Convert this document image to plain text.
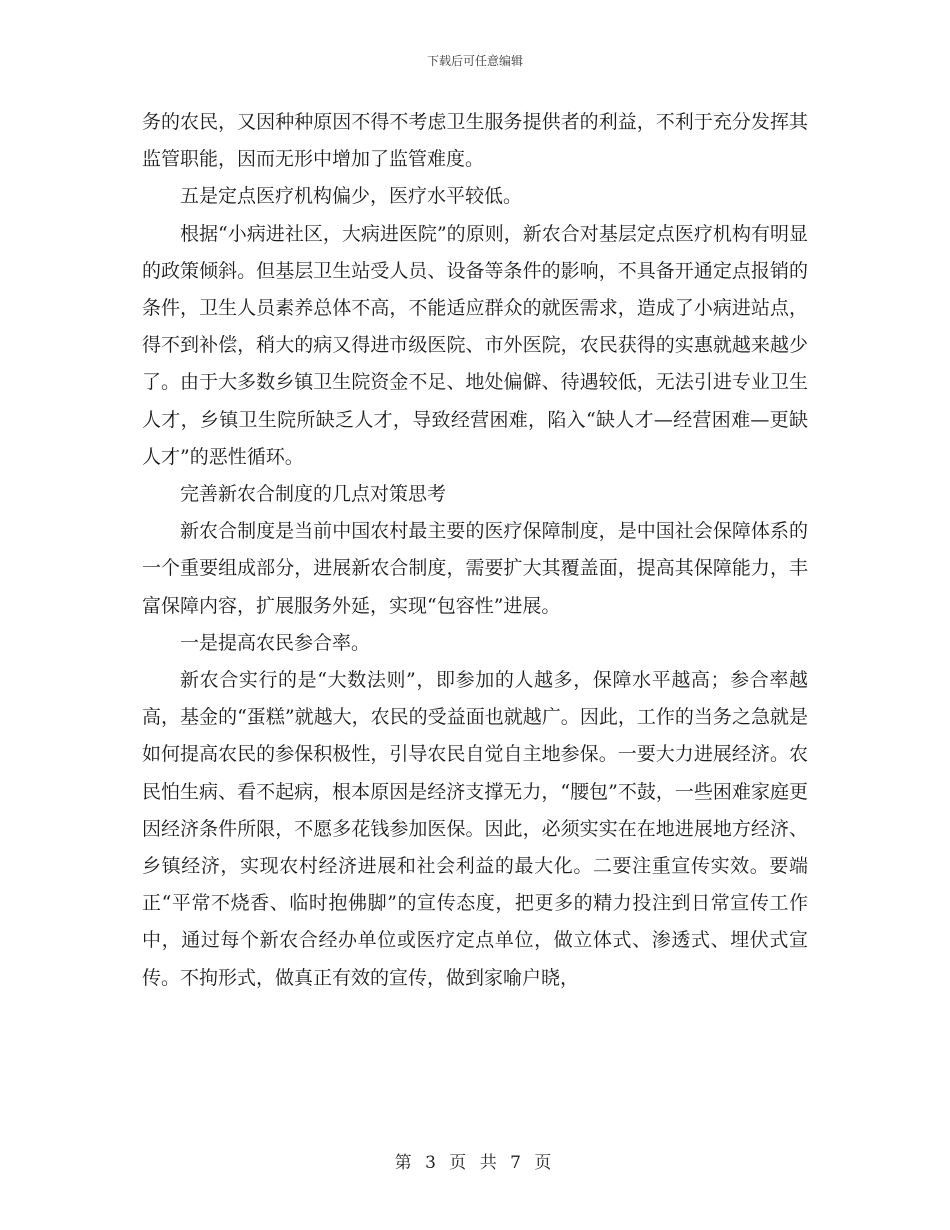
下载后可任意编辑

务的农民，又因种种原因不得不考虑卫生服务提供者的利益，不利于充分发挥其监管职能，因而无形中增加了监管难度。

五是定点医疗机构偏少，医疗水平较低。

根据“小病进社区，大病进医院”的原则，新农合对基层定点医疗机构有明显的政策倾斜。但基层卫生站受人员、设备等条件的影响，不具备开通定点报销的条件，卫生人员素养总体不高，不能适应群众的就医需求，造成了小病进站点，得不到补偿，稍大的病又得进市级医院、市外医院，农民获得的实惠就越来越少了。由于大多数乡镇卫生院资金不足、地处偏僻、待遇较低，无法引进专业卫生人才，乡镇卫生院所缺乏人才，导致经营困难，陷入“缺人才—经营困难—更缺人才”的恶性循环。

完善新农合制度的几点对策思考

新农合制度是当前中国农村最主要的医疗保障制度，是中国社会保障体系的一个重要组成部分，进展新农合制度，需要扩大其覆盖面，提高其保障能力，丰富保障内容，扩展服务外延，实现“包容性”进展。

一是提高农民参合率。

新农合实行的是“大数法则”，即参加的人越多，保障水平越高；参合率越高，基金的“蛋糕”就越大，农民的受益面也就越广。因此，工作的当务之急就是如何提高农民的参保积极性，引导农民自觉自主地参保。一要大力进展经济。农民怕生病、看不起病，根本原因是经济支撑无力，“腰包”不鼓，一些困难家庭更因经济条件所限，不愿多花钱参加医保。因此，必须实实在在地进展地方经济、乡镇经济，实现农村经济进展和社会利益的最大化。二要注重宣传实效。要端正“平常不烧香、临时抱佛脚”的宣传态度，把更多的精力投注到日常宣传工作中，通过每个新农合经办单位或医疗定点单位，做立体式、渗透式、埋伏式宣传。不拘形式，做真正有效的宣传，做到家喻户晓，

第 3 页 共 7 页
